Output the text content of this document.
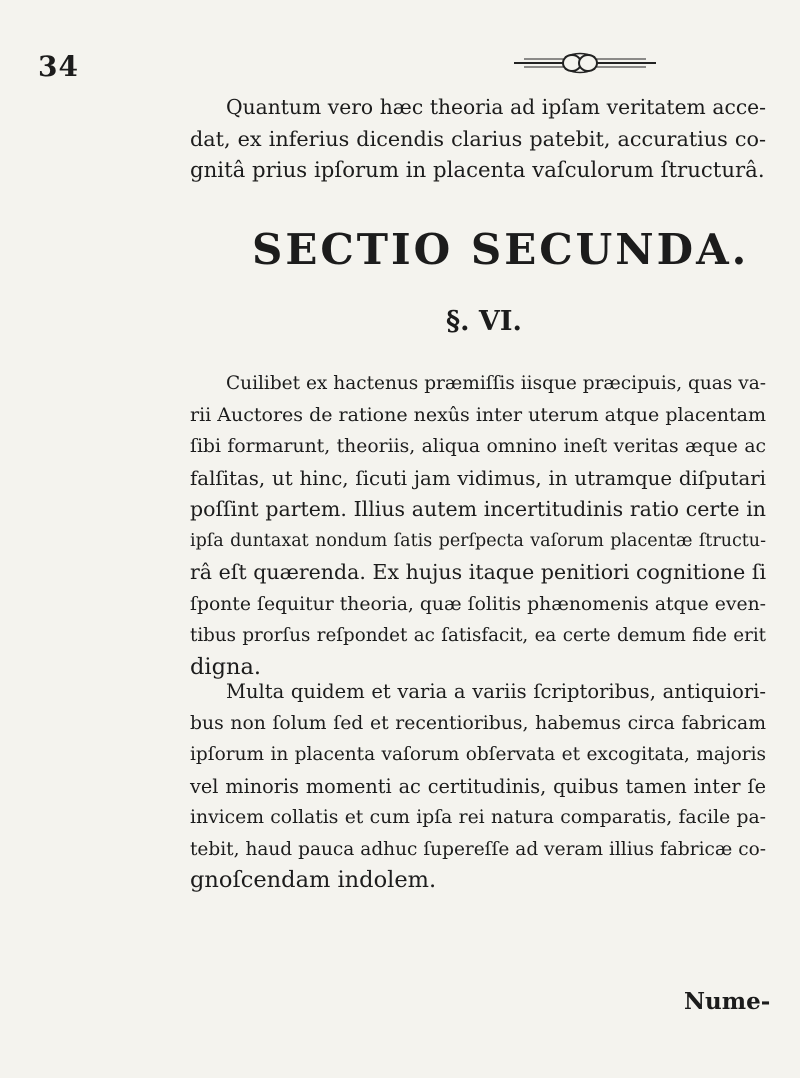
34
Quantum vero hæc theoria ad ipſam veritatem acce-
dat, ex inferius dicendis clarius patebit, accuratius co-
gnitâ prius ipſorum in placenta vaſculorum ſtructurâ.
SECTIO SECUNDA.
§. VI.
Cuilibet ex hactenus præmiſſis iisque præcipuis, quas va-
rii Auctores de ratione nexûs inter uterum atque placentam
ſibi formarunt, theoriis, aliqua omnino ineſt veritas æque ac
falſitas, ut hinc, ſicuti jam vidimus, in utramque diſputari
poſſint partem. Illius autem incertitudinis ratio certe in
ipſa duntaxat nondum ſatis perſpecta vaſorum placentæ ſtructu-
râ eſt quærenda. Ex hujus itaque penitiori cognitione ſi
ſponte ſequitur theoria, quæ ſolitis phænomenis atque even-
tibus prorſus reſpondet ac ſatisfacit, ea certe demum fide erit
digna.
Multa quidem et varia a variis ſcriptoribus, antiquiori-
bus non ſolum ſed et recentioribus, habemus circa fabricam
ipſorum in placenta vaſorum obſervata et excogitata, majoris
vel minoris momenti ac certitudinis, quibus tamen inter ſe
invicem collatis et cum ipſa rei natura comparatis, facile pa-
tebit, haud pauca adhuc ſupereſſe ad veram illius fabricæ co-
gnoſcendam indolem.
Nume-
